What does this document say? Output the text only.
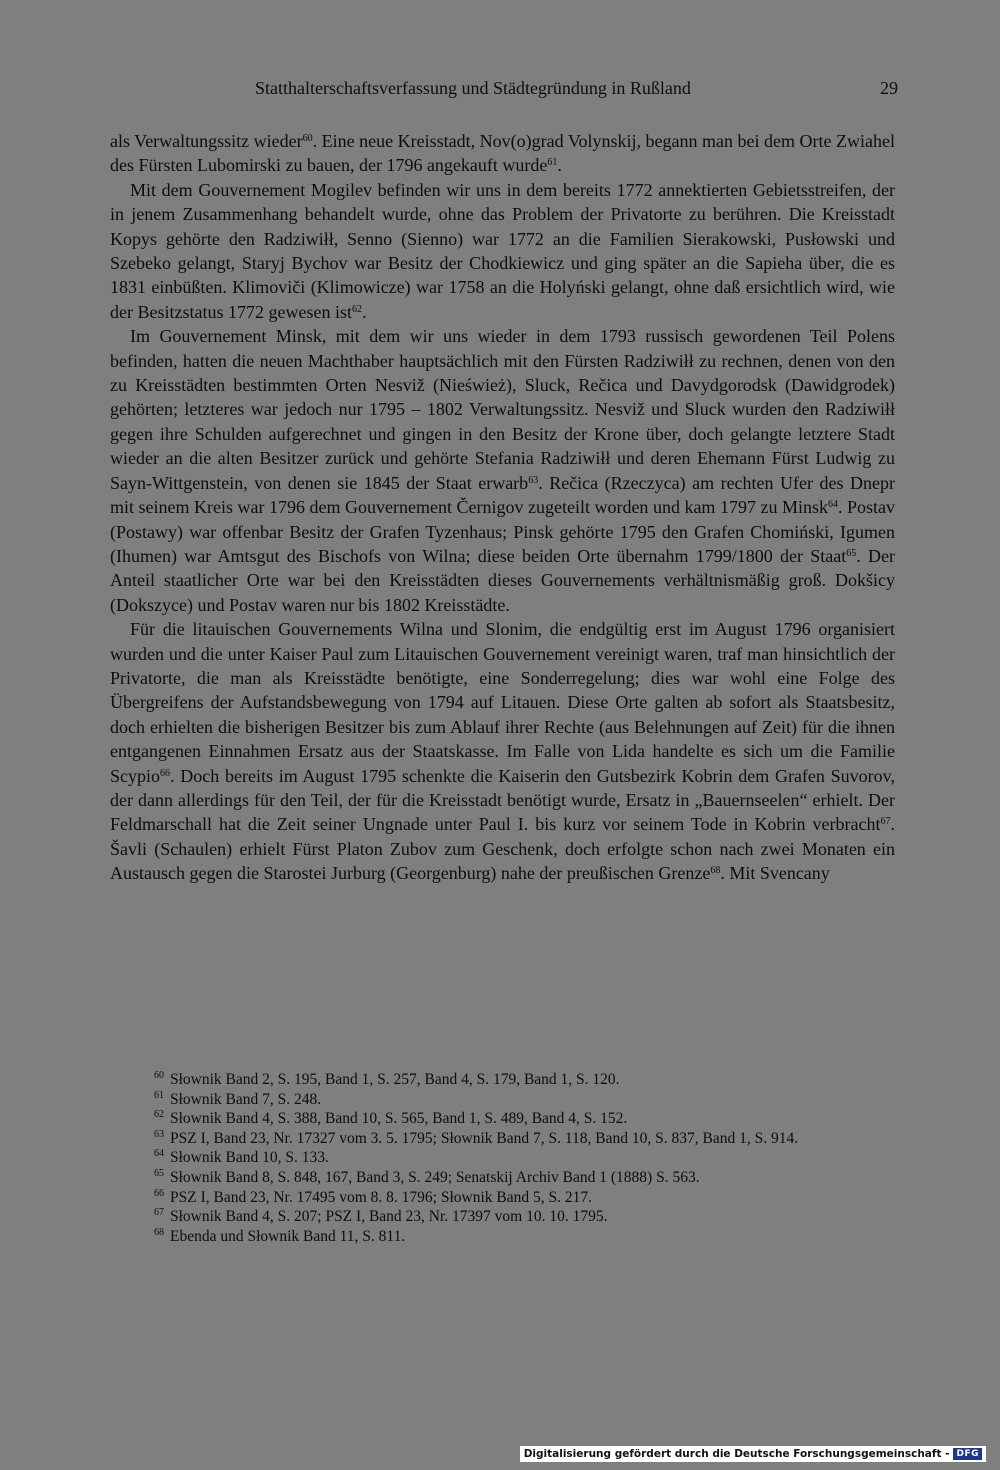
Statthalterschaftsverfassung und Städtegründung in Rußland	29

als Verwaltungssitz wieder$^{60}$. Eine neue Kreisstadt, Nov(o)grad Volynskij, begann man bei dem Orte Zwiahel des Fürsten Lubomirski zu bauen, der 1796 angekauft wurde$^{61}$.

Mit dem Gouvernement Mogilev befinden wir uns in dem bereits 1772 annektierten Gebietsstreifen, der in jenem Zusammenhang behandelt wurde, ohne das Problem der Privatorte zu berühren. Die Kreisstadt Kopys gehörte den Radziwiłł, Senno (Sienno) war 1772 an die Familien Sierakowski, Pusłowski und Szebeko gelangt, Staryj Bychov war Besitz der Chodkiewicz und ging später an die Sapieha über, die es 1831 einbüßten. Klimoviči (Klimowicze) war 1758 an die Holyński gelangt, ohne daß ersichtlich wird, wie der Besitzstatus 1772 gewesen ist$^{62}$.

Im Gouvernement Minsk, mit dem wir uns wieder in dem 1793 russisch gewordenen Teil Polens befinden, hatten die neuen Machthaber hauptsächlich mit den Fürsten Radziwiłł zu rechnen, denen von den zu Kreisstädten bestimmten Orten Nesviž (Nieśwież), Sluck, Rečica und Davydgorodsk (Dawidgrodek) gehörten; letzteres war jedoch nur 1795 – 1802 Verwaltungssitz. Nesviž und Sluck wurden den Radziwiłł gegen ihre Schulden aufgerechnet und gingen in den Besitz der Krone über, doch gelangte letztere Stadt wieder an die alten Besitzer zurück und gehörte Stefania Radziwiłł und deren Ehemann Fürst Ludwig zu Sayn-Wittgenstein, von denen sie 1845 der Staat erwarb$^{63}$. Rečica (Rzeczyca) am rechten Ufer des Dnepr mit seinem Kreis war 1796 dem Gouvernement Černigov zugeteilt worden und kam 1797 zu Minsk$^{64}$. Postav (Postawy) war offenbar Besitz der Grafen Tyzenhaus; Pinsk gehörte 1795 den Grafen Chomiński, Igumen (Ihumen) war Amtsgut des Bischofs von Wilna; diese beiden Orte übernahm 1799/1800 der Staat$^{65}$. Der Anteil staatlicher Orte war bei den Kreisstädten dieses Gouvernements verhältnismäßig groß. Dokšicy (Dokszyce) und Postav waren nur bis 1802 Kreisstädte.

Für die litauischen Gouvernements Wilna und Slonim, die endgültig erst im August 1796 organisiert wurden und die unter Kaiser Paul zum Litauischen Gouvernement vereinigt waren, traf man hinsichtlich der Privatorte, die man als Kreisstädte benötigte, eine Sonderregelung; dies war wohl eine Folge des Übergreifens der Aufstandsbewegung von 1794 auf Litauen. Diese Orte galten ab sofort als Staatsbesitz, doch erhielten die bisherigen Besitzer bis zum Ablauf ihrer Rechte (aus Belehnungen auf Zeit) für die ihnen entgangenen Einnahmen Ersatz aus der Staatskasse. Im Falle von Lida handelte es sich um die Familie Scypio$^{66}$. Doch bereits im August 1795 schenkte die Kaiserin den Gutsbezirk Kobrin dem Grafen Suvorov, der dann allerdings für den Teil, der für die Kreisstadt benötigt wurde, Ersatz in „Bauernseelen“ erhielt. Der Feldmarschall hat die Zeit seiner Ungnade unter Paul I. bis kurz vor seinem Tode in Kobrin verbracht$^{67}$. Šavli (Schaulen) erhielt Fürst Platon Zubov zum Geschenk, doch erfolgte schon nach zwei Monaten ein Austausch gegen die Starostei Jurburg (Georgenburg) nahe der preußischen Grenze$^{68}$. Mit Svencany

$^{60}$ Słownik Band 2, S. 195, Band 1, S. 257, Band 4, S. 179, Band 1, S. 120.

$^{61}$ Słownik Band 7, S. 248.

$^{62}$ Słownik Band 4, S. 388, Band 10, S. 565, Band 1, S. 489, Band 4, S. 152.

$^{63}$ PSZ I, Band 23, Nr. 17327 vom 3. 5. 1795; Słownik Band 7, S. 118, Band 10, S. 837, Band 1, S. 914.

$^{64}$ Słownik Band 10, S. 133.

$^{65}$ Słownik Band 8, S. 848, 167, Band 3, S. 249; Senatskij Archiv Band 1 (1888) S. 563.

$^{66}$ PSZ I, Band 23, Nr. 17495 vom 8. 8. 1796; Słownik Band 5, S. 217.

$^{67}$ Słownik Band 4, S. 207; PSZ I, Band 23, Nr. 17397 vom 10. 10. 1795.

$^{68}$ Ebenda und Słownik Band 11, S. 811.

Digitalisierung gefördert durch die Deutsche Forschungsgemeinschaft - DFG
